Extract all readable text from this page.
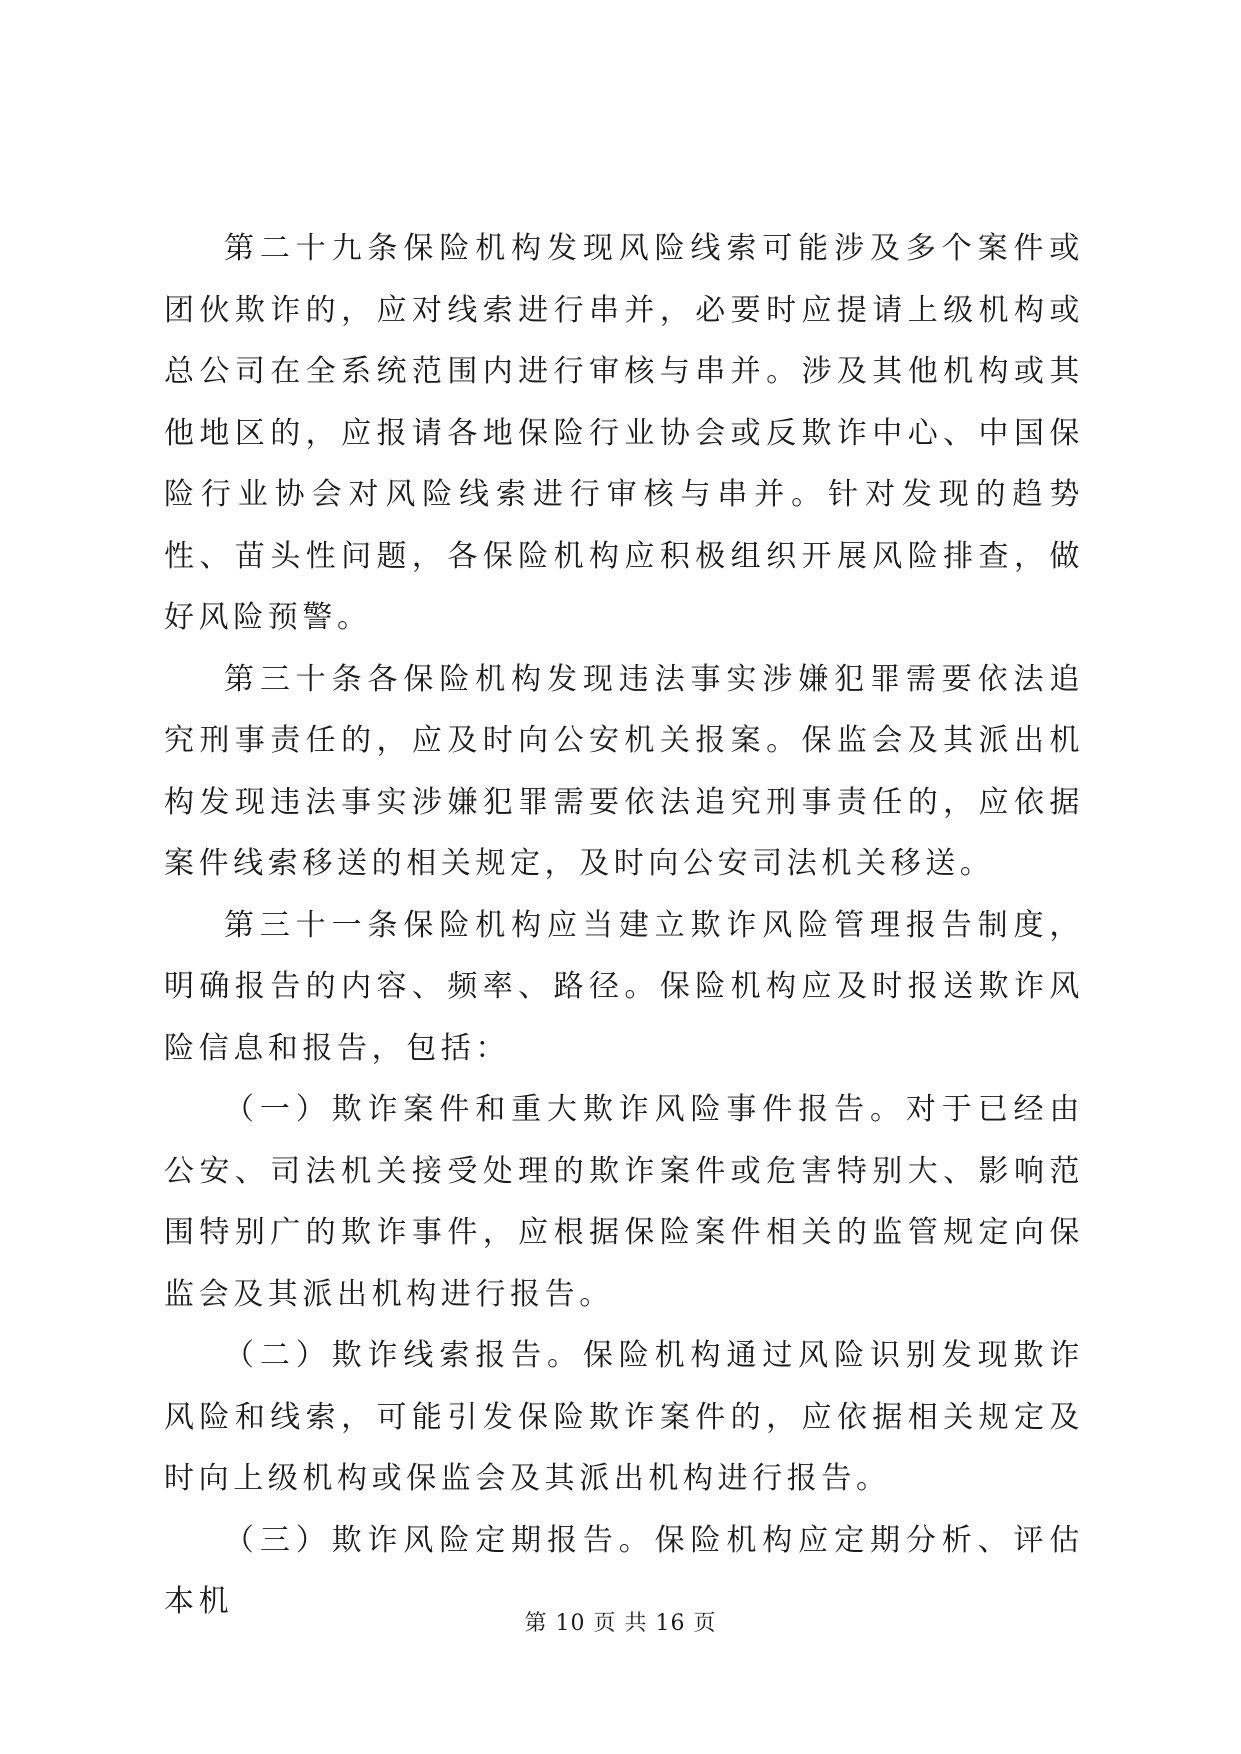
第二十九条保险机构发现风险线索可能涉及多个案件或团伙欺诈的，应对线索进行串并，必要时应提请上级机构或总公司在全系统范围内进行审核与串并。涉及其他机构或其他地区的，应报请各地保险行业协会或反欺诈中心、中国保险行业协会对风险线索进行审核与串并。针对发现的趋势性、苗头性问题，各保险机构应积极组织开展风险排查，做好风险预警。

第三十条各保险机构发现违法事实涉嫌犯罪需要依法追究刑事责任的，应及时向公安机关报案。保监会及其派出机构发现违法事实涉嫌犯罪需要依法追究刑事责任的，应依据案件线索移送的相关规定，及时向公安司法机关移送。

第三十一条保险机构应当建立欺诈风险管理报告制度，明确报告的内容、频率、路径。保险机构应及时报送欺诈风险信息和报告，包括：

（一）欺诈案件和重大欺诈风险事件报告。对于已经由公安、司法机关接受处理的欺诈案件或危害特别大、影响范围特别广的欺诈事件，应根据保险案件相关的监管规定向保监会及其派出机构进行报告。

（二）欺诈线索报告。保险机构通过风险识别发现欺诈风险和线索，可能引发保险欺诈案件的，应依据相关规定及时向上级机构或保监会及其派出机构进行报告。

（三）欺诈风险定期报告。保险机构应定期分析、评估本机

第 10 页 共 16 页
